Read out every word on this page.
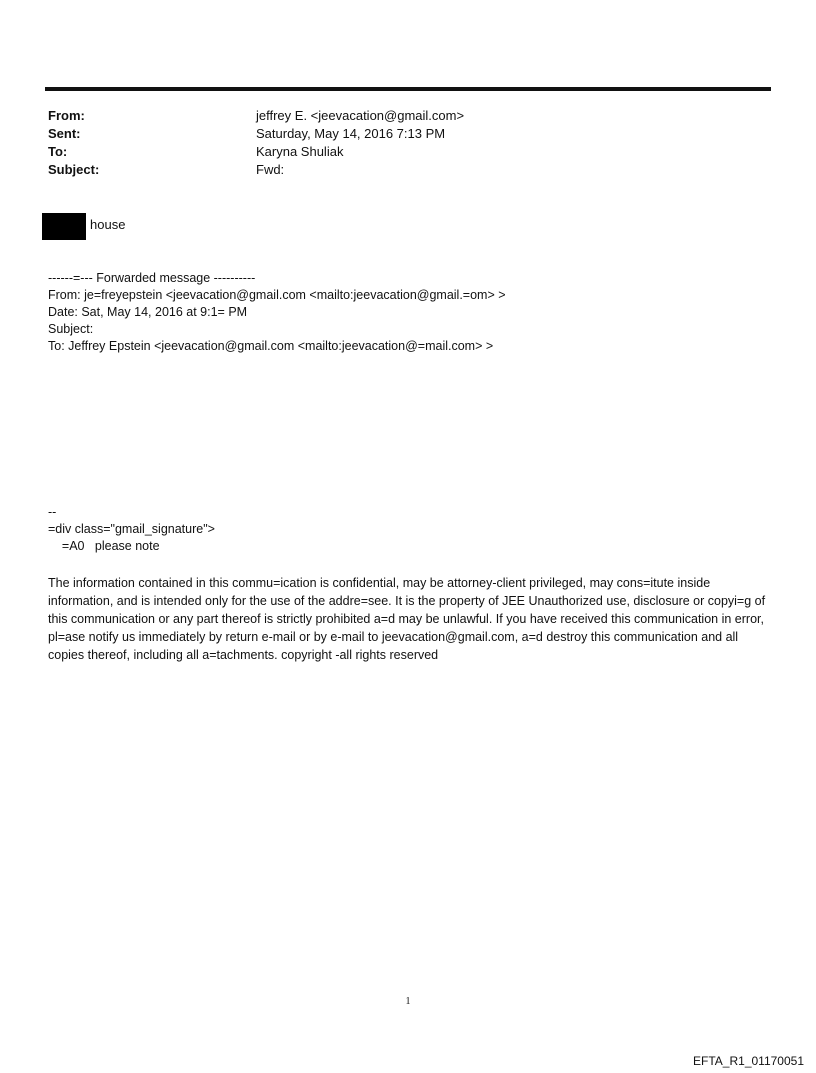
From:	jeffrey E. <jeevacation@gmail.com>
Sent:	Saturday, May 14, 2016 7:13 PM
To:	Karyna Shuliak
Subject:	Fwd:
house
------=--- Forwarded message ----------
From: je=freyepstein <jeevacation@gmail.com <mailto:jeevacation@gmail.=om> >
Date: Sat, May 14, 2016 at 9:1= PM
Subject:
To: Jeffrey Epstein <jeevacation@gmail.com <mailto:jeevacation@=mail.com> >
--
=div class="gmail_signature">
=A0   please note
The information contained in this commu=ication is confidential, may be attorney-client privileged, may cons=itute inside information, and is intended only for the use of the addre=see. It is the property of JEE Unauthorized use, disclosure or copyi=g of this communication or any part thereof is strictly prohibited a=d may be unlawful. If you have received this communication in error, pl=ase notify us immediately by return e-mail or by e-mail to jeevacation@gmail.com, a=d destroy this communication and all copies thereof, including all a=tachments. copyright -all rights reserved
1
EFTA_R1_01170051
